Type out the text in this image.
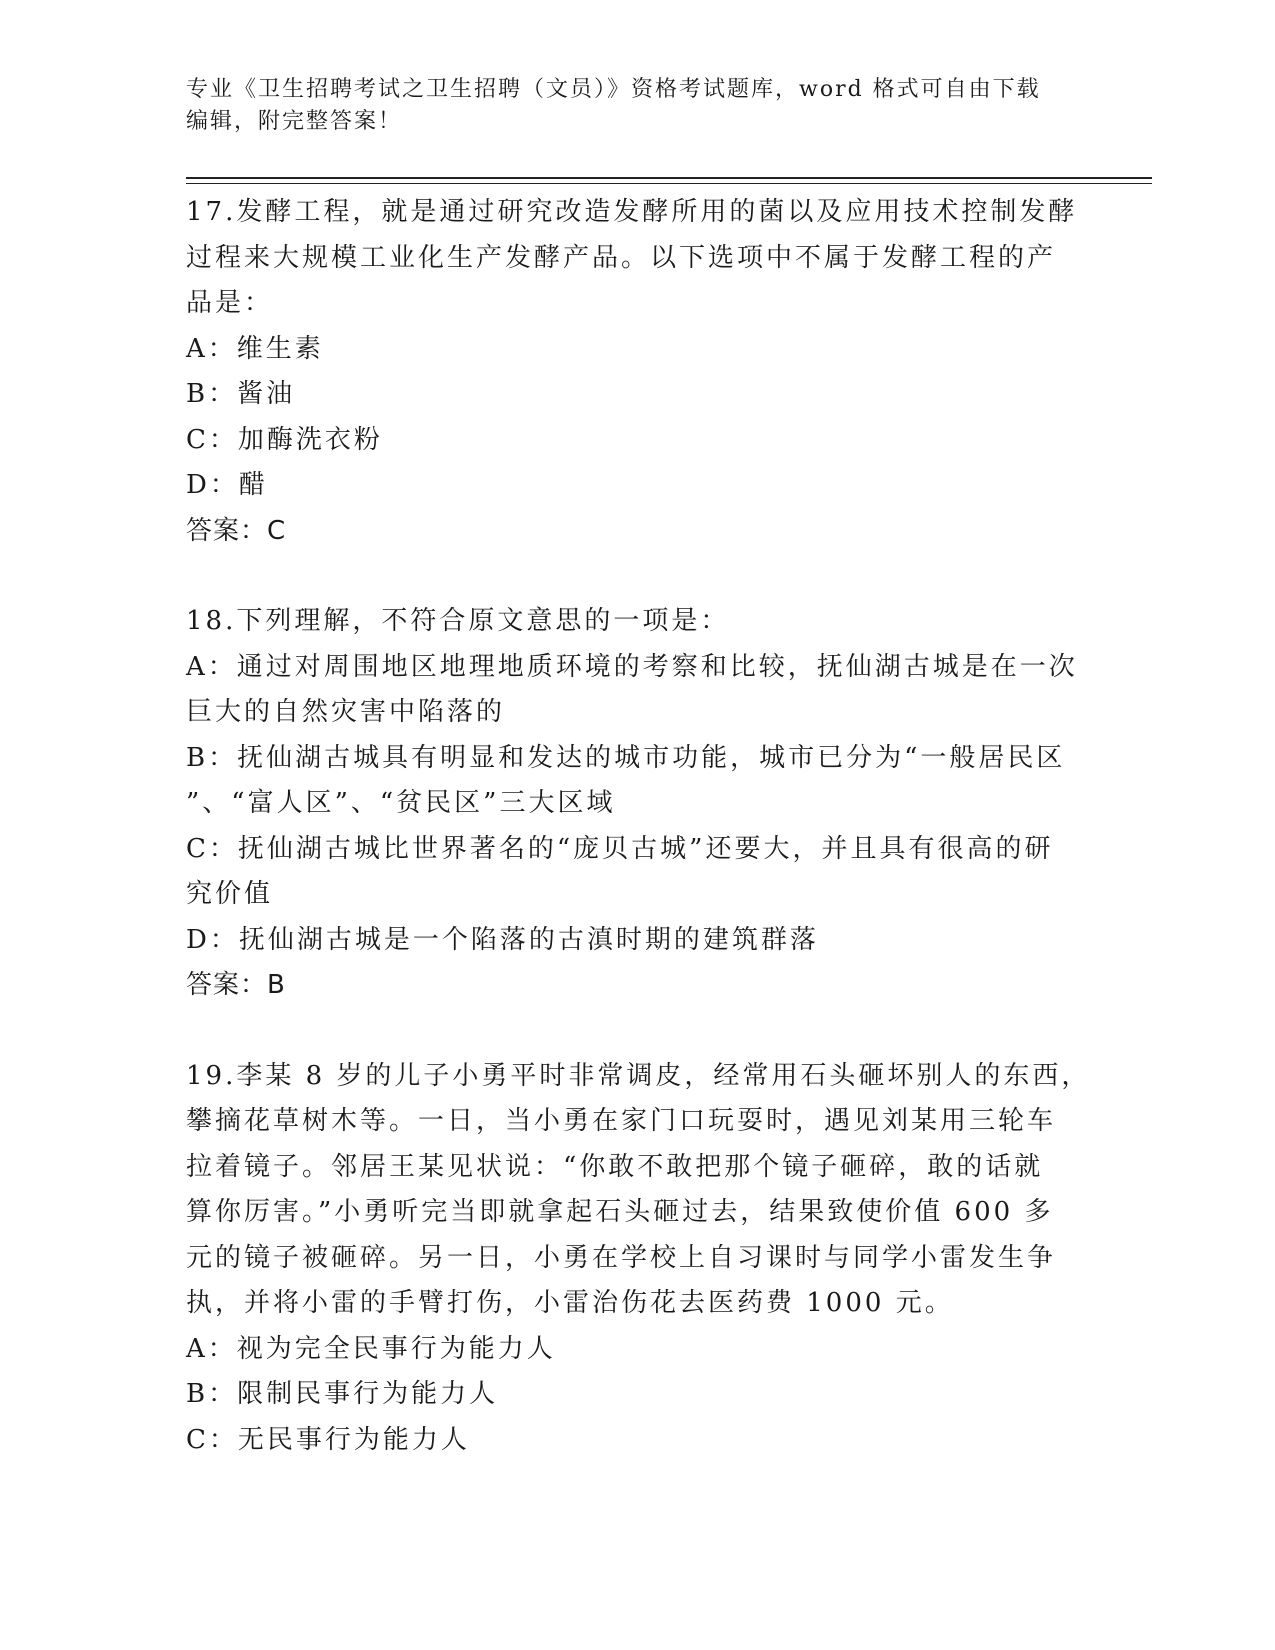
专业《卫生招聘考试之卫生招聘（文员）》资格考试题库，word 格式可自由下载
编辑，附完整答案！
17.发酵工程，就是通过研究改造发酵所用的菌以及应用技术控制发酵
过程来大规模工业化生产发酵产品。以下选项中不属于发酵工程的产
品是：
A：维生素
B：酱油
C：加酶洗衣粉
D：醋
答案：C
18.下列理解，不符合原文意思的一项是：
A：通过对周围地区地理地质环境的考察和比较，抚仙湖古城是在一次
巨大的自然灾害中陷落的
B：抚仙湖古城具有明显和发达的城市功能，城市已分为“一般居民区
”、“富人区”、“贫民区”三大区域
C：抚仙湖古城比世界著名的“庞贝古城”还要大，并且具有很高的研
究价值
D：抚仙湖古城是一个陷落的古滇时期的建筑群落
答案：B
19.李某 8 岁的儿子小勇平时非常调皮，经常用石头砸坏别人的东西，
攀摘花草树木等。一日，当小勇在家门口玩耍时，遇见刘某用三轮车
拉着镜子。邻居王某见状说：“你敢不敢把那个镜子砸碎，敢的话就
算你厉害。”小勇听完当即就拿起石头砸过去，结果致使价值 600 多
元的镜子被砸碎。另一日，小勇在学校上自习课时与同学小雷发生争
执，并将小雷的手臂打伤，小雷治伤花去医药费 1000 元。
A：视为完全民事行为能力人
B：限制民事行为能力人
C：无民事行为能力人
